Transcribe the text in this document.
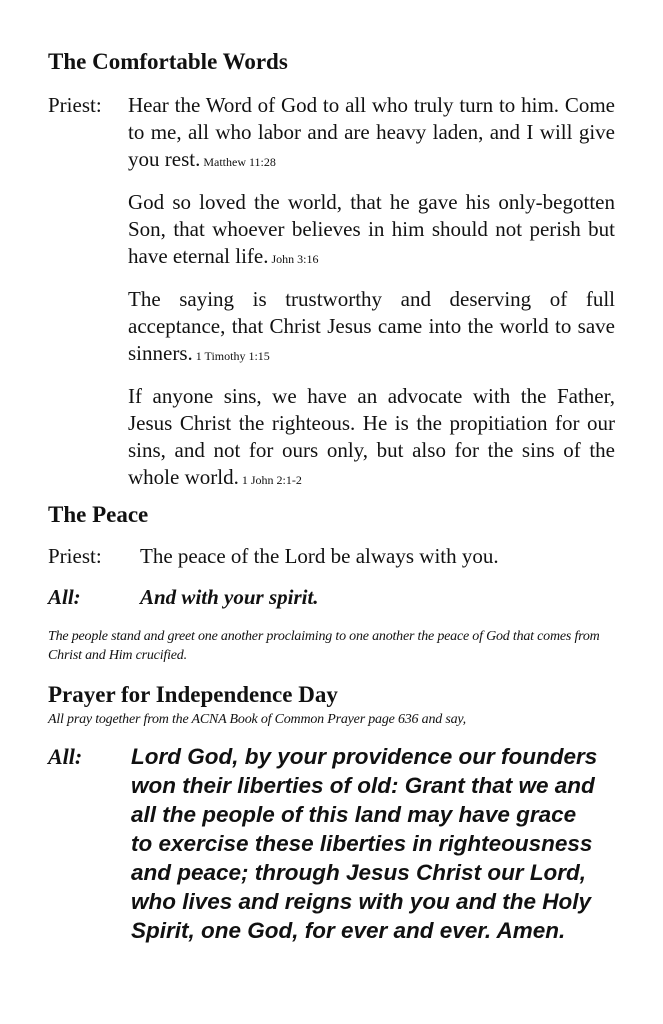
The Comfortable Words
Priest:	Hear the Word of God to all who truly turn to him. Come to me, all who labor and are heavy laden, and I will give you rest. Matthew 11:28

God so loved the world, that he gave his only-begotten Son, that whoever believes in him should not perish but have eternal life. John 3:16

The saying is trustworthy and deserving of full acceptance, that Christ Jesus came into the world to save sinners. 1 Timothy 1:15

If anyone sins, we have an advocate with the Father, Jesus Christ the righteous. He is the propitiation for our sins, and not for ours only, but also for the sins of the whole world. 1 John 2:1-2

The Peace
Priest:	The peace of the Lord be always with you.
All:	And with your spirit.

The people stand and greet one another proclaiming to one another the peace of God that comes from Christ and Him crucified.

Prayer for Independence Day

All pray together from the ACNA Book of Common Prayer page 636 and say,

All:	Lord God, by your providence our founders won their liberties of old: Grant that we and all the people of this land may have grace to exercise these liberties in righteousness and peace; through Jesus Christ our Lord, who lives and reigns with you and the Holy Spirit, one God, for ever and ever. Amen.
